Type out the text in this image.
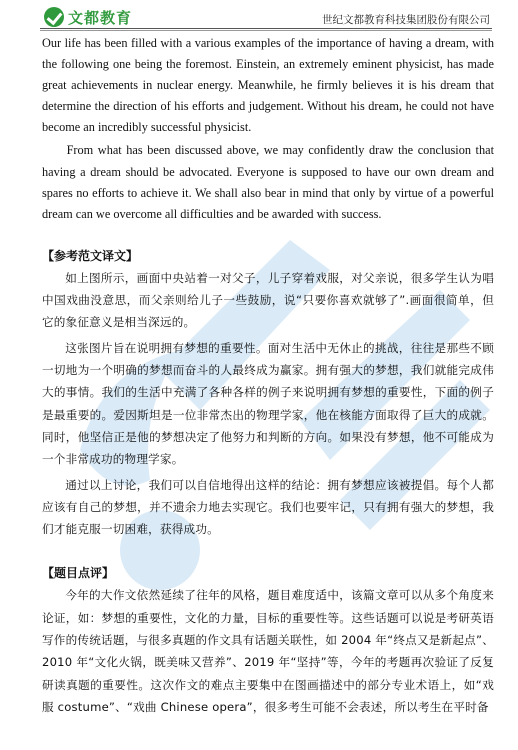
文都教育	世纪文都教育科技集团股份有限公司

Our life has been filled with a various examples of the importance of having a dream, with the following one being the foremost. Einstein, an extremely eminent physicist, has made great achievements in nuclear energy. Meanwhile, he firmly believes it is his dream that determine the direction of his efforts and judgement. Without his dream, he could not have become an incredibly successful physicist.

From what has been discussed above, we may confidently draw the conclusion that having a dream should be advocated. Everyone is supposed to have our own dream and spares no efforts to achieve it. We shall also bear in mind that only by virtue of a powerful dream can we overcome all difficulties and be awarded with success.

【参考范文译文】

如上图所示，画面中央站着一对父子，儿子穿着戏服，对父亲说，很多学生认为唱中国戏曲没意思，而父亲则给儿子一些鼓励，说“只要你喜欢就够了”.画面很简单，但它的象征意义是相当深远的。

这张图片旨在说明拥有梦想的重要性。面对生活中无休止的挑战，往往是那些不顾一切地为一个明确的梦想而奋斗的人最终成为赢家。拥有强大的梦想，我们就能完成伟大的事情。我们的生活中充满了各种各样的例子来说明拥有梦想的重要性，下面的例子是最重要的。爱因斯坦是一位非常杰出的物理学家，他在核能方面取得了巨大的成就。同时，他坚信正是他的梦想决定了他努力和判断的方向。如果没有梦想，他不可能成为一个非常成功的物理学家。

通过以上讨论，我们可以自信地得出这样的结论：拥有梦想应该被提倡。每个人都应该有自己的梦想，并不遗余力地去实现它。我们也要牢记，只有拥有强大的梦想，我们才能克服一切困难，获得成功。

【题目点评】

今年的大作文依然延续了往年的风格，题目难度适中，该篇文章可以从多个角度来论证，如：梦想的重要性，文化的力量，目标的重要性等。这些话题可以说是考研英语写作的传统话题，与很多真题的作文具有话题关联性，如 2004 年“终点又是新起点”、2010 年“文化火锅，既美味又营养”、2019 年“坚持”等，今年的考题再次验证了反复研读真题的重要性。这次作文的难点主要集中在图画描述中的部分专业术语上，如“戏服 costume”、“戏曲 Chinese opera”，很多考生可能不会表述，所以考生在平时备
